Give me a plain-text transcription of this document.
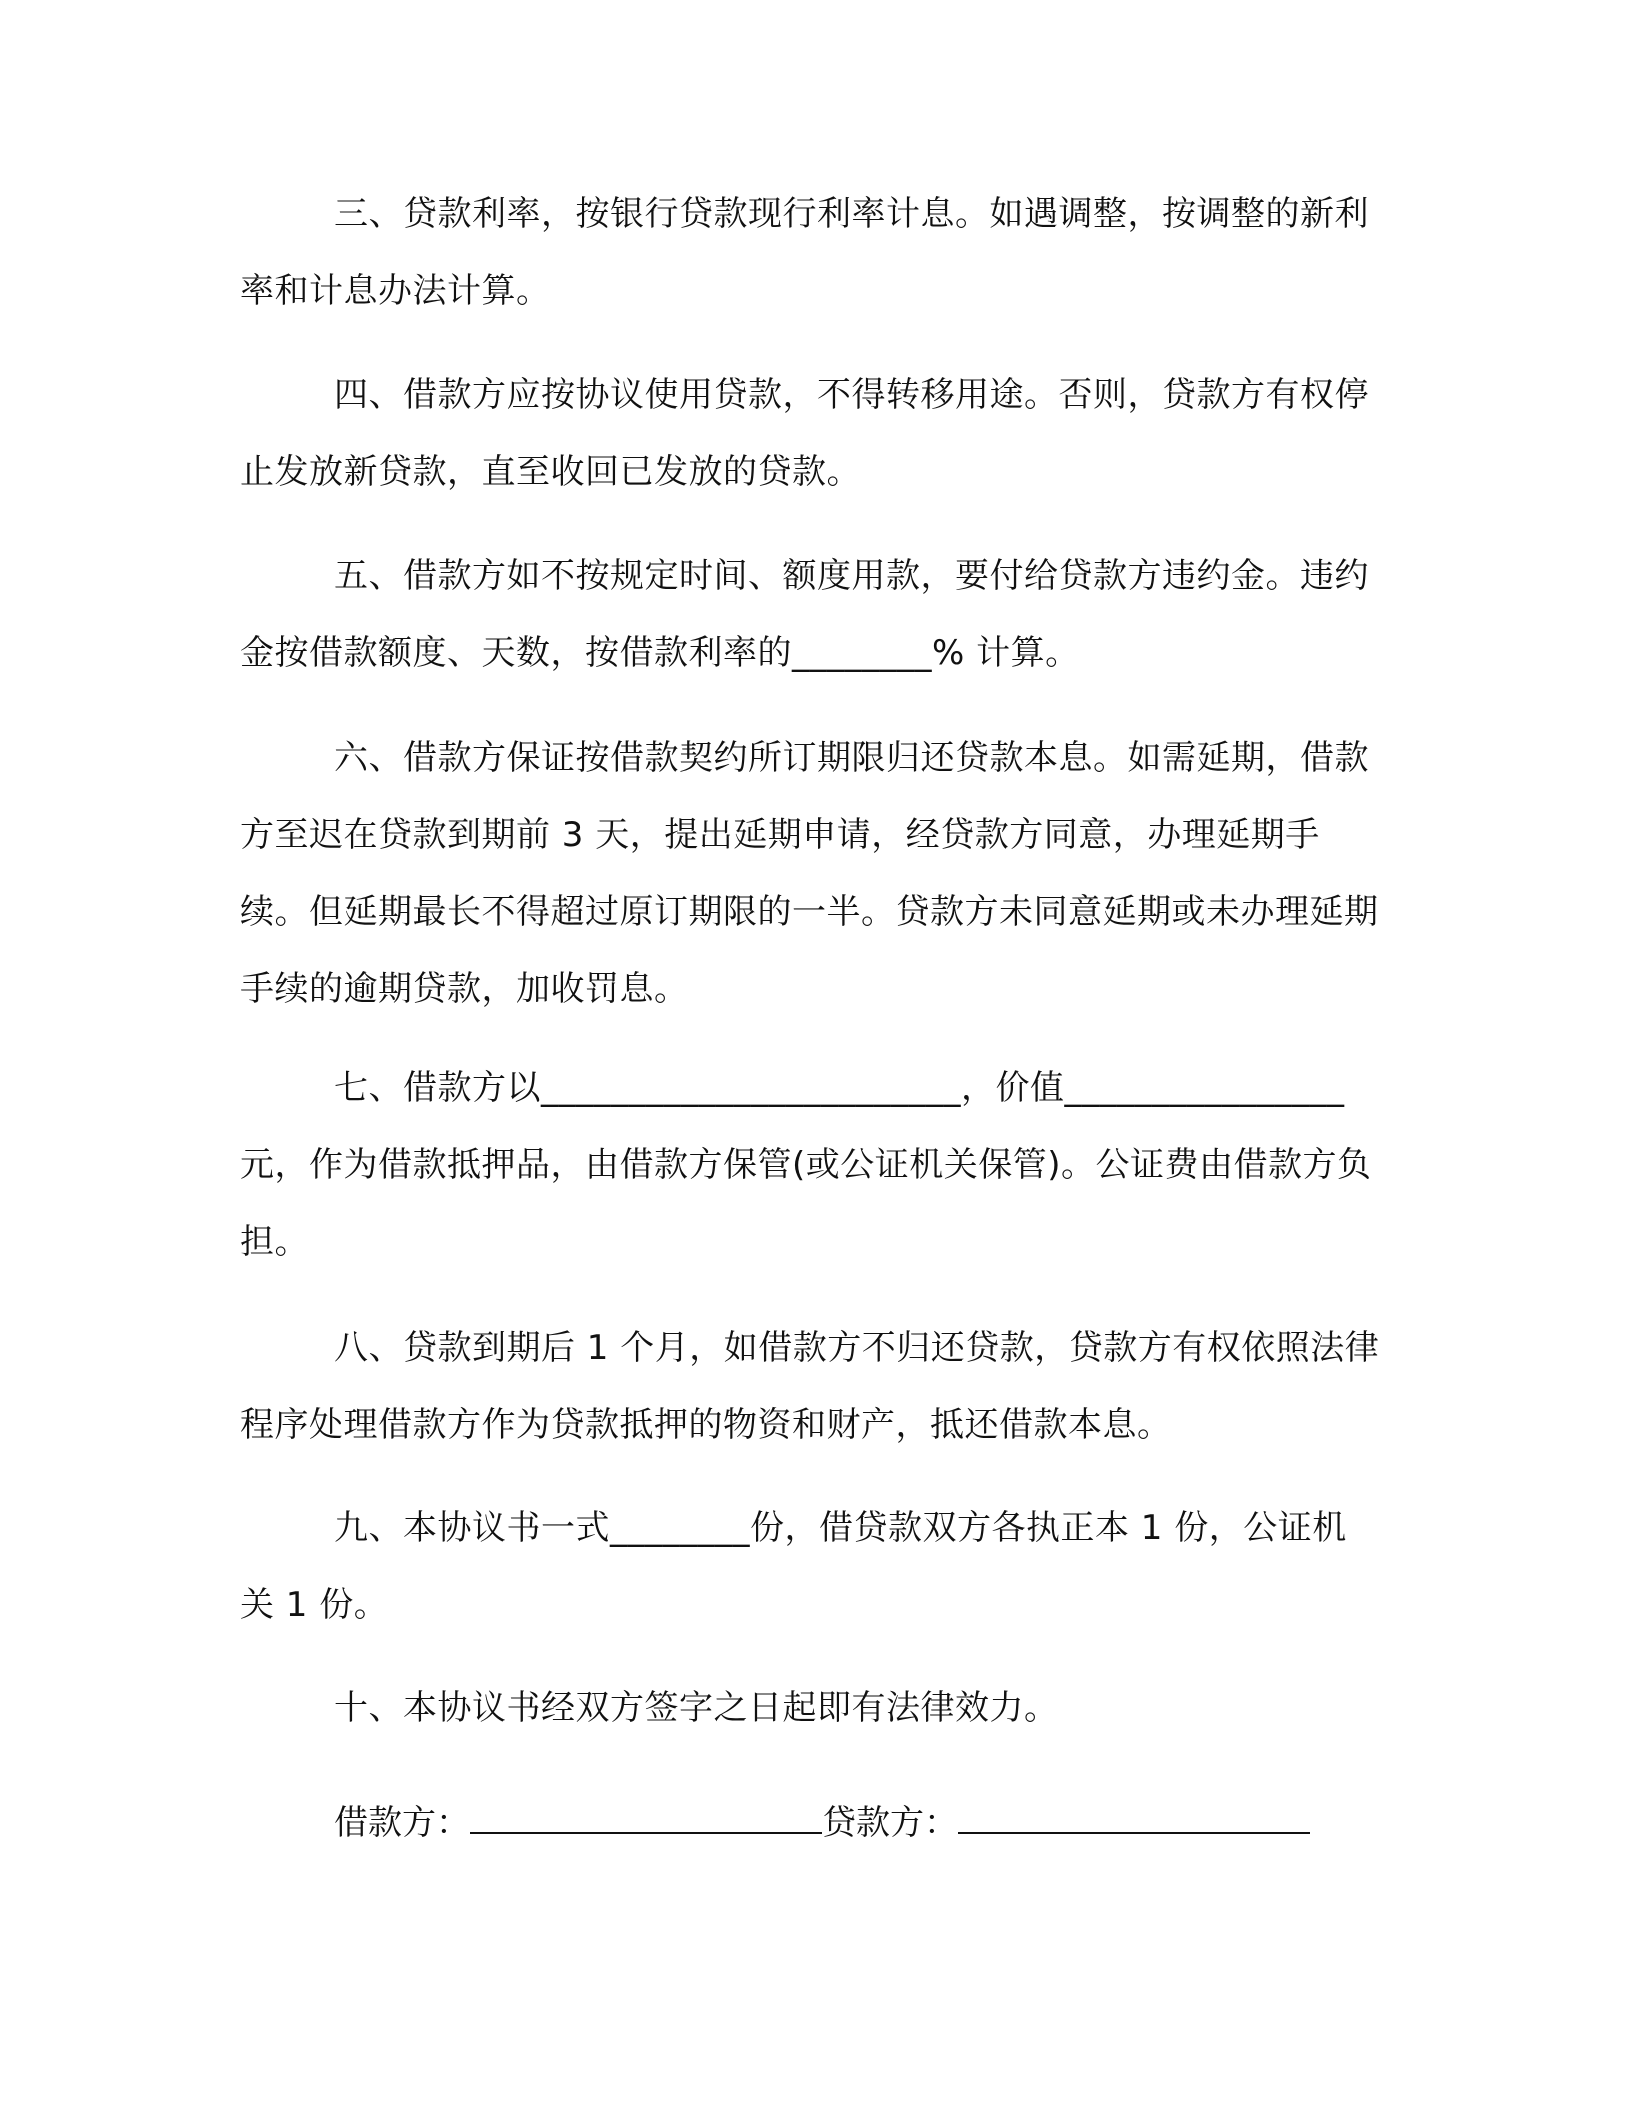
三、贷款利率，按银行贷款现行利率计息。如遇调整，按调整的新利率和计息办法计算。

四、借款方应按协议使用贷款，不得转移用途。否则，贷款方有权停止发放新贷款，直至收回已发放的贷款。

五、借款方如不按规定时间、额度用款，要付给贷款方违约金。违约金按借款额度、天数，按借款利率的________% 计算。

六、借款方保证按借款契约所订期限归还贷款本息。如需延期，借款方至迟在贷款到期前 3 天，提出延期申请，经贷款方同意，办理延期手续。但延期最长不得超过原订期限的一半。贷款方未同意延期或未办理延期手续的逾期贷款，加收罚息。

七、借款方以________________________，价值________________元，作为借款抵押品，由借款方保管(或公证机关保管)。公证费由借款方负担。

八、贷款到期后 1 个月，如借款方不归还贷款，贷款方有权依照法律程序处理借款方作为贷款抵押的物资和财产，抵还借款本息。

九、本协议书一式________份，借贷款双方各执正本 1 份，公证机关 1 份。

十、本协议书经双方签字之日起即有法律效力。

借款方：	贷款方：
